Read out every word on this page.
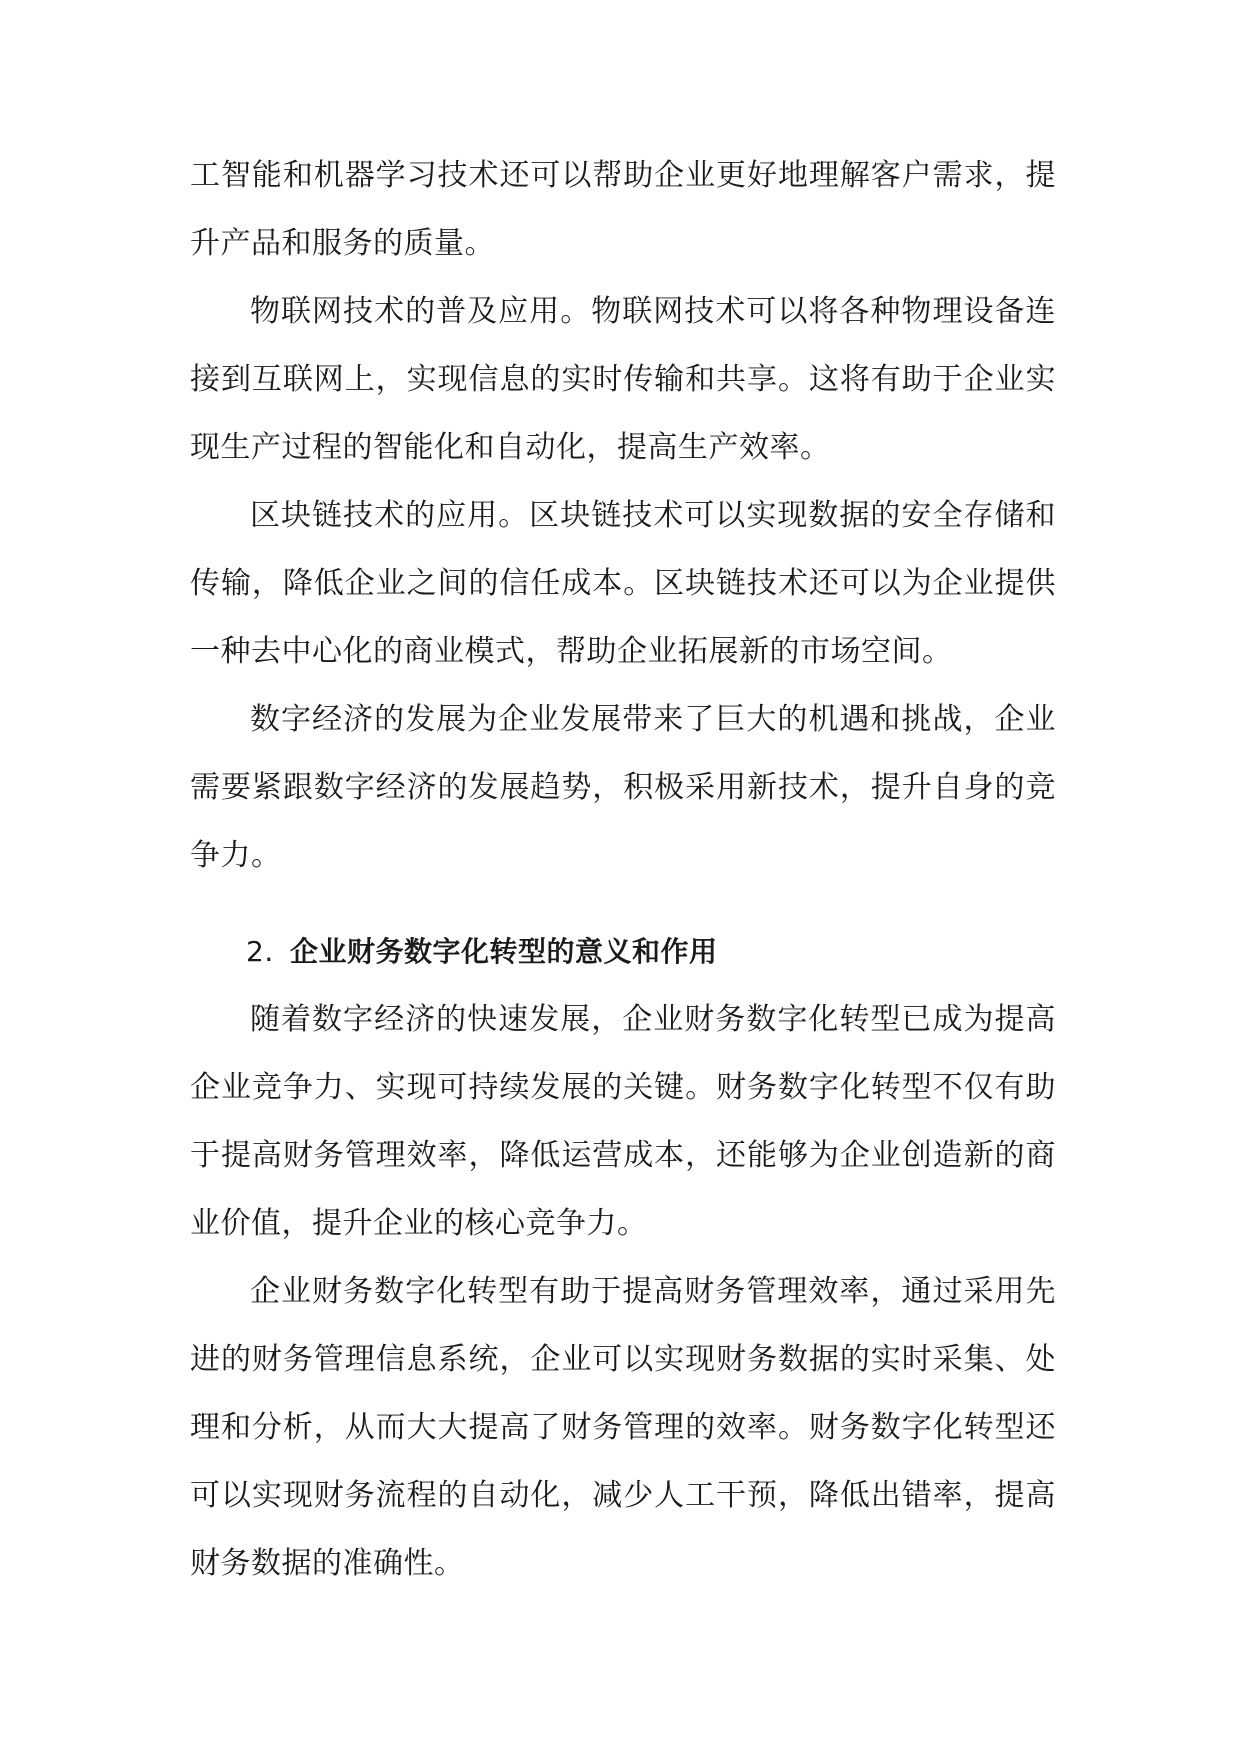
工智能和机器学习技术还可以帮助企业更好地理解客户需求，提升产品和服务的质量。

物联网技术的普及应用。物联网技术可以将各种物理设备连接到互联网上，实现信息的实时传输和共享。这将有助于企业实现生产过程的智能化和自动化，提高生产效率。

区块链技术的应用。区块链技术可以实现数据的安全存储和传输，降低企业之间的信任成本。区块链技术还可以为企业提供一种去中心化的商业模式，帮助企业拓展新的市场空间。

数字经济的发展为企业发展带来了巨大的机遇和挑战，企业需要紧跟数字经济的发展趋势，积极采用新技术，提升自身的竞争力。

2. 企业财务数字化转型的意义和作用

随着数字经济的快速发展，企业财务数字化转型已成为提高企业竞争力、实现可持续发展的关键。财务数字化转型不仅有助于提高财务管理效率，降低运营成本，还能够为企业创造新的商业价值，提升企业的核心竞争力。

企业财务数字化转型有助于提高财务管理效率，通过采用先进的财务管理信息系统，企业可以实现财务数据的实时采集、处理和分析，从而大大提高了财务管理的效率。财务数字化转型还可以实现财务流程的自动化，减少人工干预，降低出错率，提高财务数据的准确性。
